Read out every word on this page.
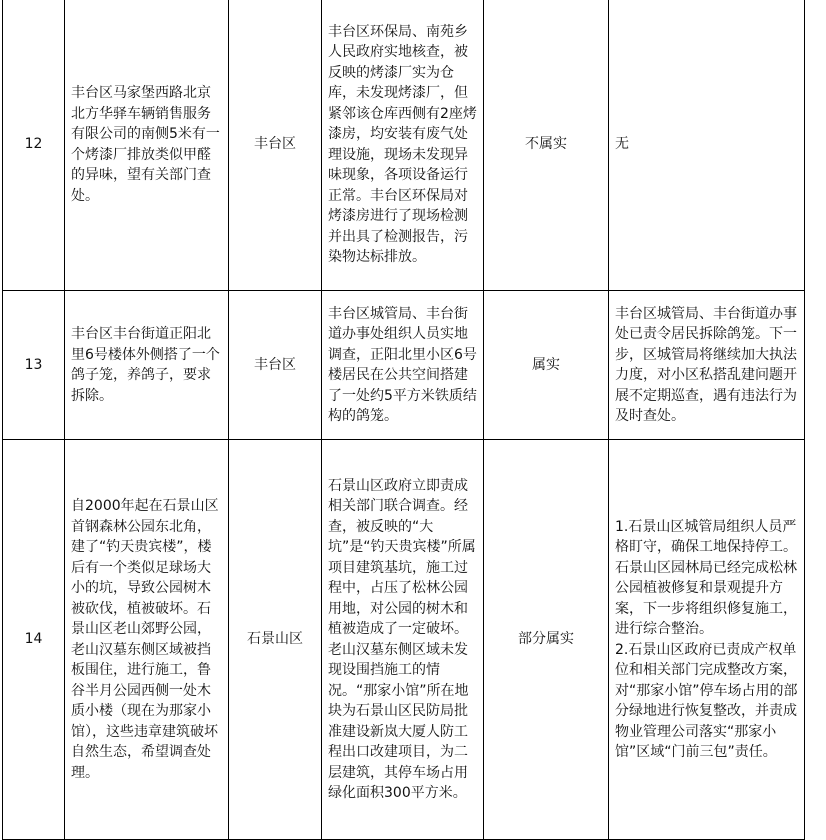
12	丰台区马家堡西路北京北方华驿车辆销售服务有限公司的南侧5米有一个烤漆厂排放类似甲醛的异味，望有关部门查处。	丰台区	丰台区环保局、南苑乡人民政府实地核查，被反映的烤漆厂实为仓库，未发现烤漆厂，但紧邻该仓库西侧有2座烤漆房，均安装有废气处理设施，现场未发现异味现象，各项设备运行正常。丰台区环保局对烤漆房进行了现场检测并出具了检测报告，污染物达标排放。	不属实	无
13	丰台区丰台街道正阳北里6号楼体外侧搭了一个鸽子笼，养鸽子，要求拆除。	丰台区	丰台区城管局、丰台街道办事处组织人员实地调查，正阳北里小区6号楼居民在公共空间搭建了一处约5平方米铁质结构的鸽笼。	属实	丰台区城管局、丰台街道办事处已责令居民拆除鸽笼。下一步，区城管局将继续加大执法力度，对小区私搭乱建问题开展不定期巡查，遇有违法行为及时查处。
14	自2000年起在石景山区首钢森林公园东北角，建了“钓天贵宾楼”，楼后有一个类似足球场大小的坑，导致公园树木被砍伐，植被破坏。石景山区老山郊野公园，老山汉墓东侧区域被挡板围住，进行施工，鲁谷半月公园西侧一处木质小楼（现在为那家小馆），这些违章建筑破坏自然生态，希望调查处理。	石景山区	石景山区政府立即责成相关部门联合调查。经查，被反映的“大坑”是“钓天贵宾楼”所属项目建筑基坑，施工过程中，占压了松林公园用地，对公园的树木和植被造成了一定破坏。老山汉墓东侧区域未发现设围挡施工的情况。“那家小馆”所在地块为石景山区民防局批准建设新岚大厦人防工程出口改建项目，为二层建筑，其停车场占用绿化面积300平方米。	部分属实	1.石景山区城管局组织人员严格盯守，确保工地保持停工。石景山区园林局已经完成松林公园植被修复和景观提升方案，下一步将组织修复施工，进行综合整治。
2.石景山区政府已责成产权单位和相关部门完成整改方案，对“那家小馆”停车场占用的部分绿地进行恢复整改，并责成物业管理公司落实“那家小馆”区域“门前三包”责任。
